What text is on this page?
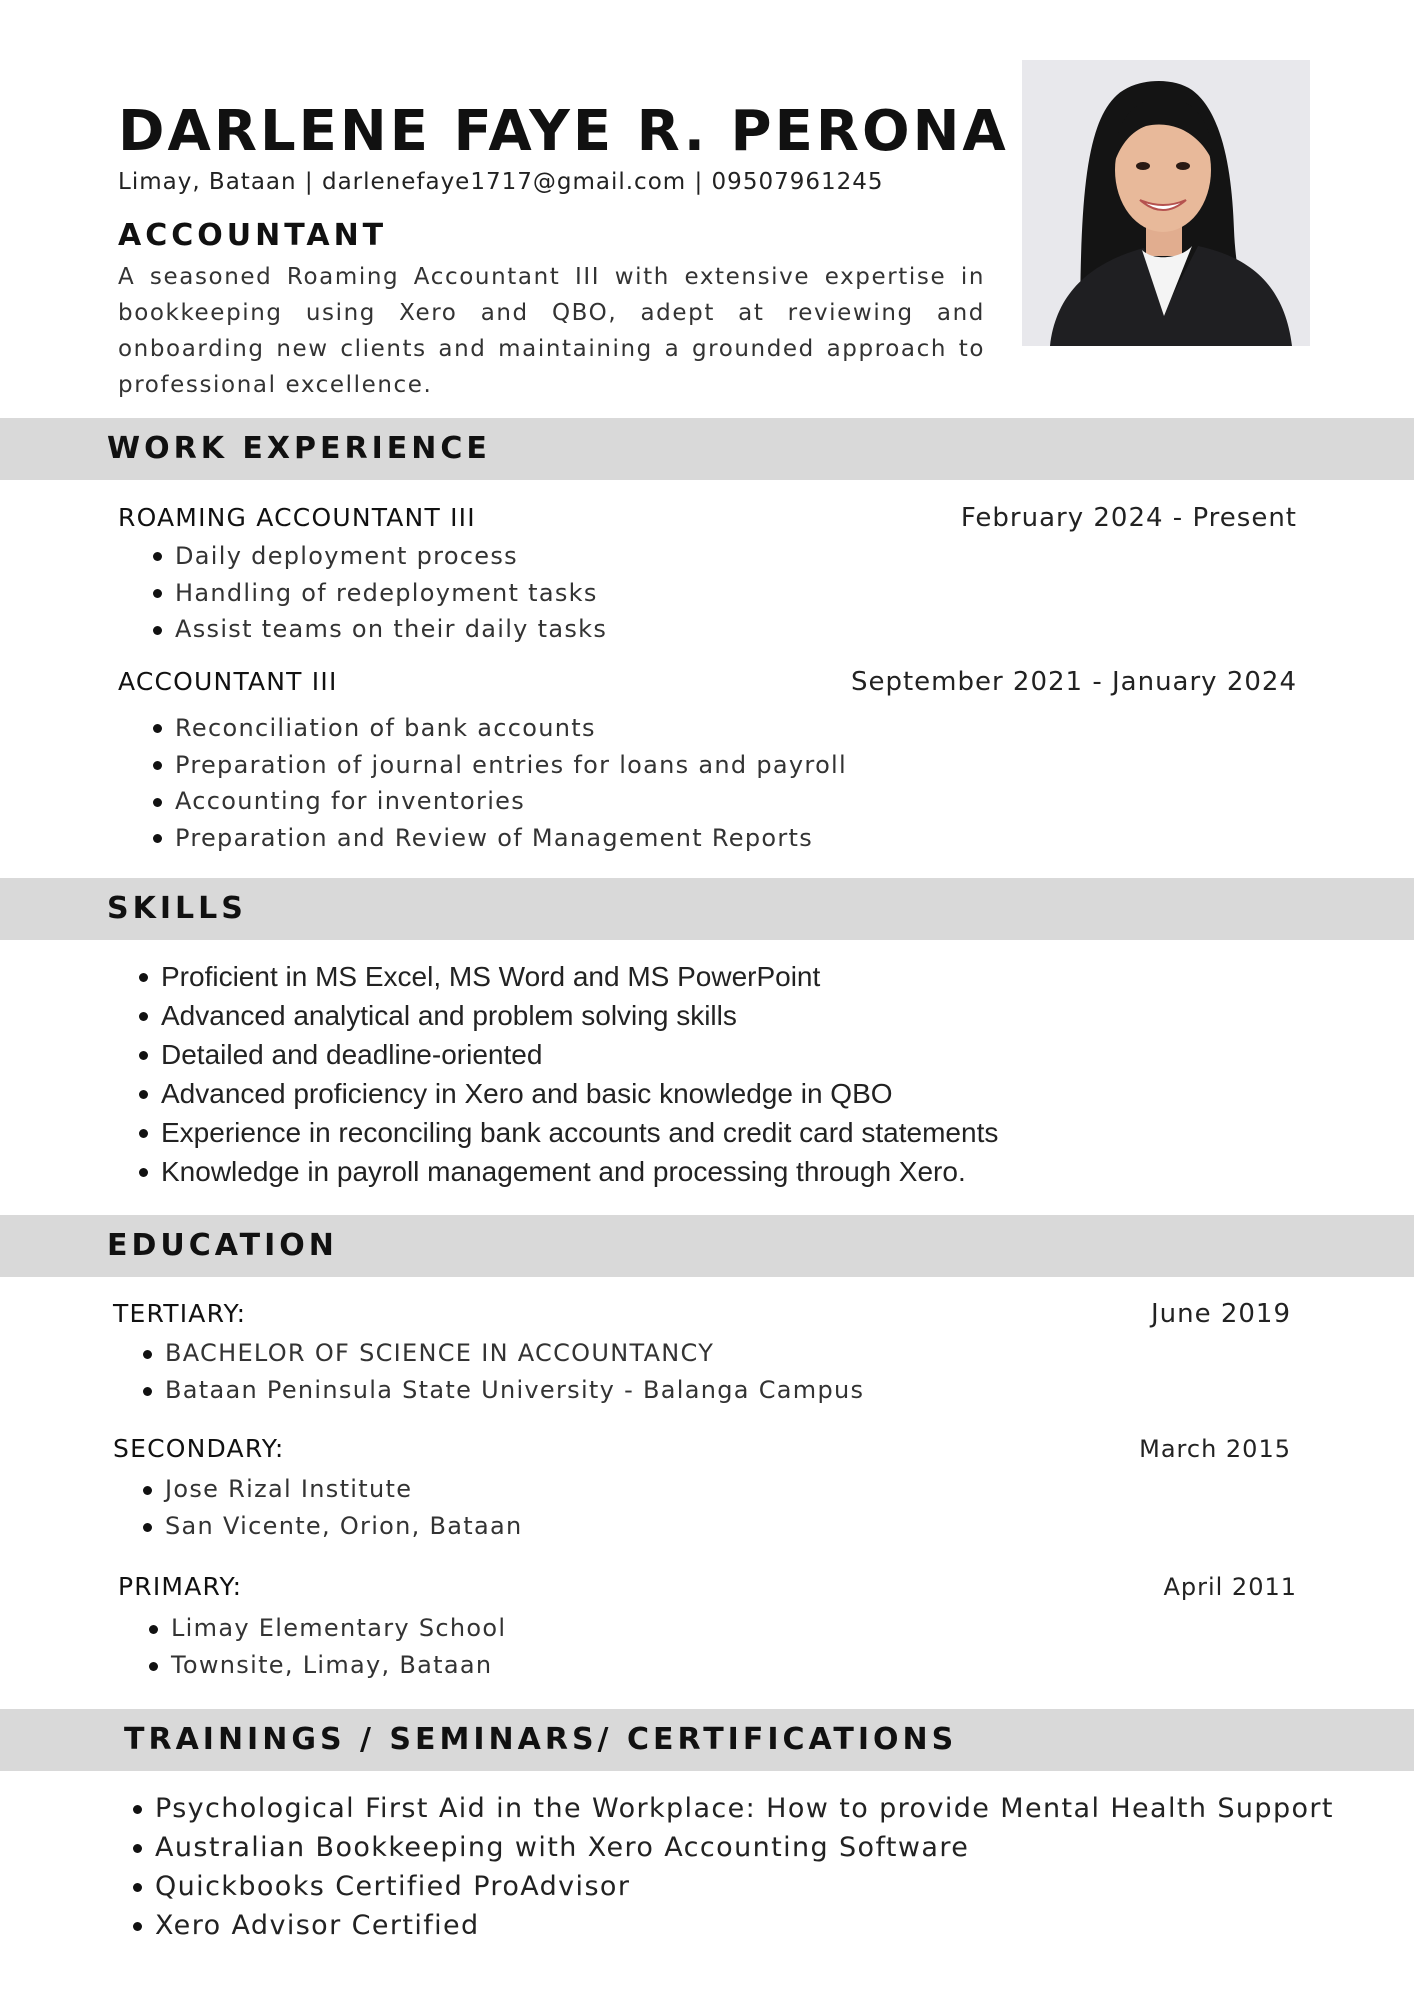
DARLENE FAYE R. PERONA
Limay, Bataan | darlenefaye1717@gmail.com | 09507961245
ACCOUNTANT

A seasoned Roaming Accountant III with extensive expertise in bookkeeping using Xero and QBO, adept at reviewing and onboarding new clients and maintaining a grounded approach to professional excellence.

WORK EXPERIENCE
ROAMING ACCOUNTANT III	February 2024 - Present
Daily deployment process
Handling of redeployment tasks
Assist teams on their daily tasks
ACCOUNTANT III	September 2021 - January 2024
Reconciliation of bank accounts
Preparation of journal entries for loans and payroll
Accounting for inventories
Preparation and Review of Management Reports
SKILLS
Proficient in MS Excel, MS Word and MS PowerPoint
Advanced analytical and problem solving skills
Detailed and deadline-oriented
Advanced proficiency in Xero and basic knowledge in QBO
Experience in reconciling bank accounts and credit card statements
Knowledge in payroll management and processing through Xero.
EDUCATION
TERTIARY:	June 2019
BACHELOR OF SCIENCE IN ACCOUNTANCY
Bataan Peninsula State University - Balanga Campus
SECONDARY:	March 2015
Jose Rizal Institute
San Vicente, Orion, Bataan
PRIMARY:	April 2011
Limay Elementary School
Townsite, Limay, Bataan
TRAININGS / SEMINARS/ CERTIFICATIONS
Psychological First Aid in the Workplace: How to provide Mental Health Support
Australian Bookkeeping with Xero Accounting Software
Quickbooks Certified ProAdvisor
Xero Advisor Certified
